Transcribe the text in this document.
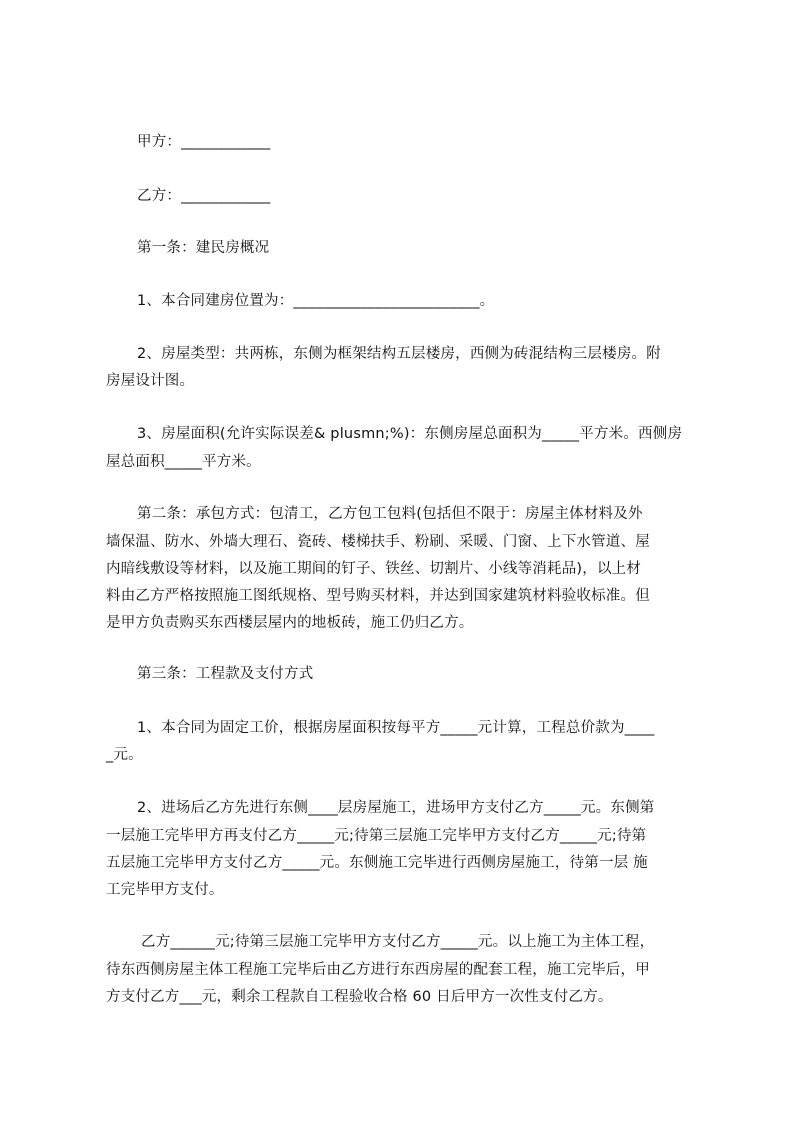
甲方：____________
乙方：____________
第一条：建民房概况
1、本合同建房位置为：_________________________。
2、房屋类型：共两栋，东侧为框架结构五层楼房，西侧为砖混结构三层楼房。附
房屋设计图。
3、房屋面积(允许实际误差& plusmn;%)：东侧房屋总面积为_____平方米。西侧房
屋总面积_____平方米。
第二条：承包方式：包清工，乙方包工包料(包括但不限于：房屋主体材料及外
墙保温、防水、外墙大理石、瓷砖、楼梯扶手、粉刷、采暖、门窗、上下水管道、屋
内暗线敷设等材料，以及施工期间的钉子、铁丝、切割片、小线等消耗品)，以上材
料由乙方严格按照施工图纸规格、型号购买材料，并达到国家建筑材料验收标准。但
是甲方负责购买东西楼层屋内的地板砖，施工仍归乙方。
第三条：工程款及支付方式
1、本合同为固定工价，根据房屋面积按每平方_____元计算，工程总价款为____
_元。
2、进场后乙方先进行东侧____层房屋施工，进场甲方支付乙方_____元。东侧第
一层施工完毕甲方再支付乙方_____元;待第三层施工完毕甲方支付乙方_____元;待第
五层施工完毕甲方支付乙方_____元。东侧施工完毕进行西侧房屋施工，待第一层 施
工完毕甲方支付。
乙方______元;待第三层施工完毕甲方支付乙方_____元。以上施工为主体工程，
待东西侧房屋主体工程施工完毕后由乙方进行东西房屋的配套工程，施工完毕后，甲
方支付乙方___元，剩余工程款自工程验收合格 60 日后甲方一次性支付乙方。
